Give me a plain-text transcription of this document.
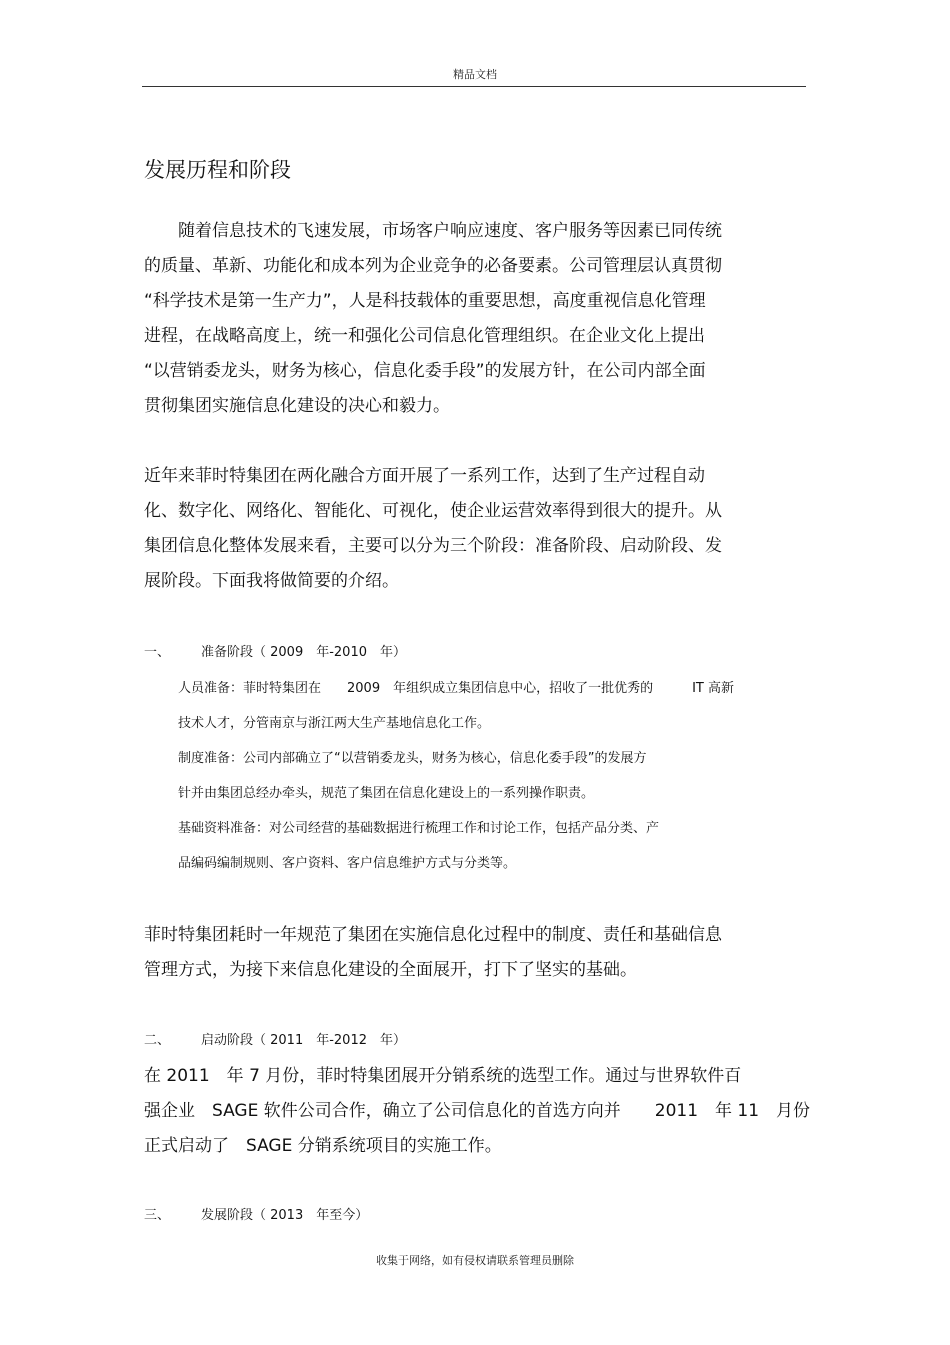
精品文档
发展历程和阶段
　　随着信息技术的飞速发展，市场客户响应速度、客户服务等因素已同传统
的质量、革新、功能化和成本列为企业竞争的必备要素。公司管理层认真贯彻
“科学技术是第一生产力”，人是科技载体的重要思想，高度重视信息化管理
进程，在战略高度上，统一和强化公司信息化管理组织。在企业文化上提出
“以营销委龙头，财务为核心，信息化委手段”的发展方针，在公司内部全面
贯彻集团实施信息化建设的决心和毅力。
近年来菲时特集团在两化融合方面开展了一系列工作，达到了生产过程自动
化、数字化、网络化、智能化、可视化，使企业运营效率得到很大的提升。从
集团信息化整体发展来看，主要可以分为三个阶段：准备阶段、启动阶段、发
展阶段。下面我将做简要的介绍。
一、 准备阶段（ 2009　年-2010　年）
人员准备：菲时特集团在　　2009　年组织成立集团信息中心，招收了一批优秀的　　　IT 高新
技术人才，分管南京与浙江两大生产基地信息化工作。
制度准备：公司内部确立了“以营销委龙头，财务为核心，信息化委手段”的发展方
针并由集团总经办牵头，规范了集团在信息化建设上的一系列操作职责。
基础资料准备：对公司经营的基础数据进行梳理工作和讨论工作，包括产品分类、产
品编码编制规则、客户资料、客户信息维护方式与分类等。
菲时特集团耗时一年规范了集团在实施信息化过程中的制度、责任和基础信息
管理方式，为接下来信息化建设的全面展开，打下了坚实的基础。
二、 启动阶段（ 2011　年-2012　年）
在 2011　年 7 月份，菲时特集团展开分销系统的选型工作。通过与世界软件百
强企业　SAGE 软件公司合作，确立了公司信息化的首选方向并　　2011　年 11　月份
正式启动了　SAGE 分销系统项目的实施工作。
三、 发展阶段（ 2013　年至今）
收集于网络，如有侵权请联系管理员删除
